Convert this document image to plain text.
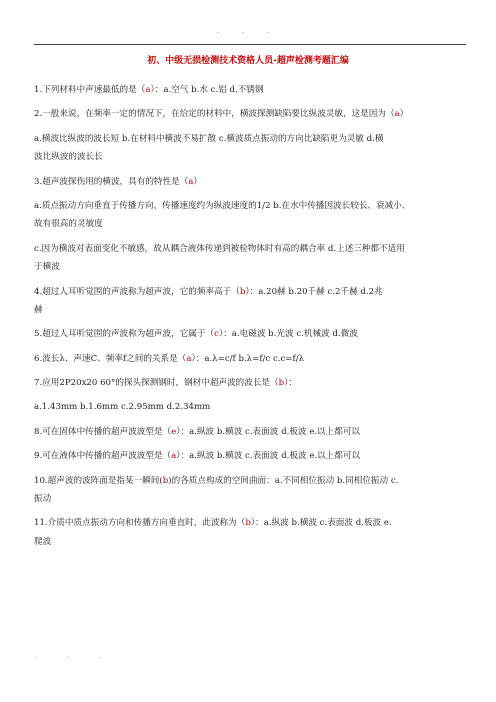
. . .
初、中级无损检测技术资格人员-超声检测考题汇编
1.下列材料中声速最低的是（a）：a.空气 b.水 c.铝 d.不锈钢
2.一般来说，在频率一定的情况下，在给定的材料中，横波探测缺陷要比纵波灵敏，这是因为（a）
a.横波比纵波的波长短 b.在材料中横波不易扩散 c.横波质点振动的方向比缺陷更为灵敏 d.横
波比纵波的波长长
3.超声波探伤用的横波，具有的特性是（a）
a.质点振动方向垂直于传播方向，传播速度约为纵波速度的1/2 b.在水中传播因波长较长、衰减小、
故有很高的灵敏度
c.因为横波对表面变化不敏感，故从耦合液体传递到被检物体时有高的耦合率 d.上述三种都不适用
于横波
4.超过人耳听觉围的声波称为超声波，它的频率高于（b）：a.20赫 b.20千赫 c.2千赫 d.2兆
赫
5.超过人耳听觉围的声波称为超声波，它属于（c）：a.电磁波 b.光波 c.机械波 d.微波
6.波长λ、声速C、频率f之间的关系是（a）：a.λ=c/f b.λ=f/c c.c=f/λ
7.应用2P20x20 60°的探头探测钢时，钢材中超声波的波长是（b）：
a.1.43mm b.1.6mm c.2.95mm d.2.34mm
8.可在固体中传播的超声波波型是（e）：a.纵波 b.横波 c.表面波 d.板波 e.以上都可以
9.可在液体中传播的超声波波型是（a）：a.纵波 b.横波 c.表面波 d.板波 e.以上都可以
10.超声波的波阵面是指某一瞬间(b)的各质点构成的空间曲面：a.不同相位振动 b.同相位振动 c.
振动
11.介质中质点振动方向和传播方向垂直时，此波称为（b）：a.纵波 b.横波 c.表面波 d.板波 e.
爬波
. . .
